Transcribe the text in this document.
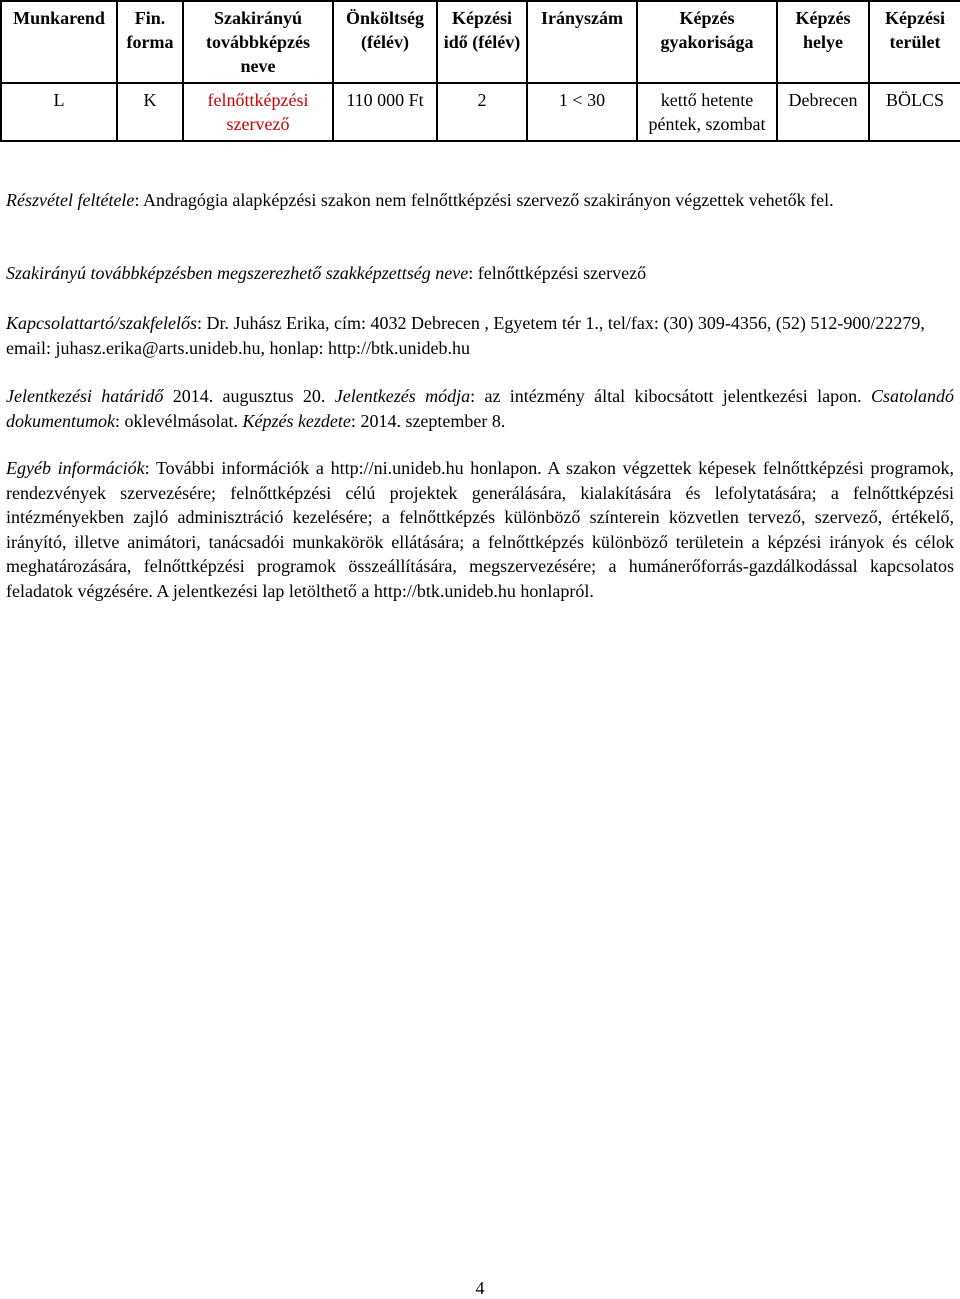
Munkarend	Fin. forma	Szakirányú továbbképzés neve	Önköltség (félév)	Képzési idő (félév)	Irányszám	Képzés gyakorisága	Képzés helye	Képzési terület
L	K	felnőttképzési szervező	110 000 Ft	2	1 < 30	kettő hetente péntek, szombat	Debrecen	BÖLCS

Részvétel feltétele: Andragógia alapképzési szakon nem felnőttképzési szervező szakirányon végzettek vehetők fel.

Szakirányú továbbképzésben megszerezhető szakképzettség neve: felnőttképzési szervező

Kapcsolattartó/szakfelelős: Dr. Juhász Erika, cím: 4032 Debrecen , Egyetem tér 1., tel/fax: (30) 309-4356, (52) 512-900/22279, email: juhasz.erika@arts.unideb.hu, honlap: http://btk.unideb.hu

Jelentkezési határidő 2014. augusztus 20. Jelentkezés módja: az intézmény által kibocsátott jelentkezési lapon. Csatolandó dokumentumok: oklevélmásolat. Képzés kezdete: 2014. szeptember 8.

Egyéb információk: További információk a http://ni.unideb.hu honlapon. A szakon végzettek képesek felnőttképzési programok, rendezvények szervezésére; felnőttképzési célú projektek generálására, kialakítására és lefolytatására; a felnőttképzési intézményekben zajló adminisztráció kezelésére; a felnőttképzés különböző színterein közvetlen tervező, szervező, értékelő, irányító, illetve animátori, tanácsadói munkakörök ellátására; a felnőttképzés különböző területein a képzési irányok és célok meghatározására, felnőttképzési programok összeállítására, megszervezésére; a humánerőforrás-gazdálkodással kapcsolatos feladatok végzésére. A jelentkezési lap letölthető a http://btk.unideb.hu honlapról.

4
